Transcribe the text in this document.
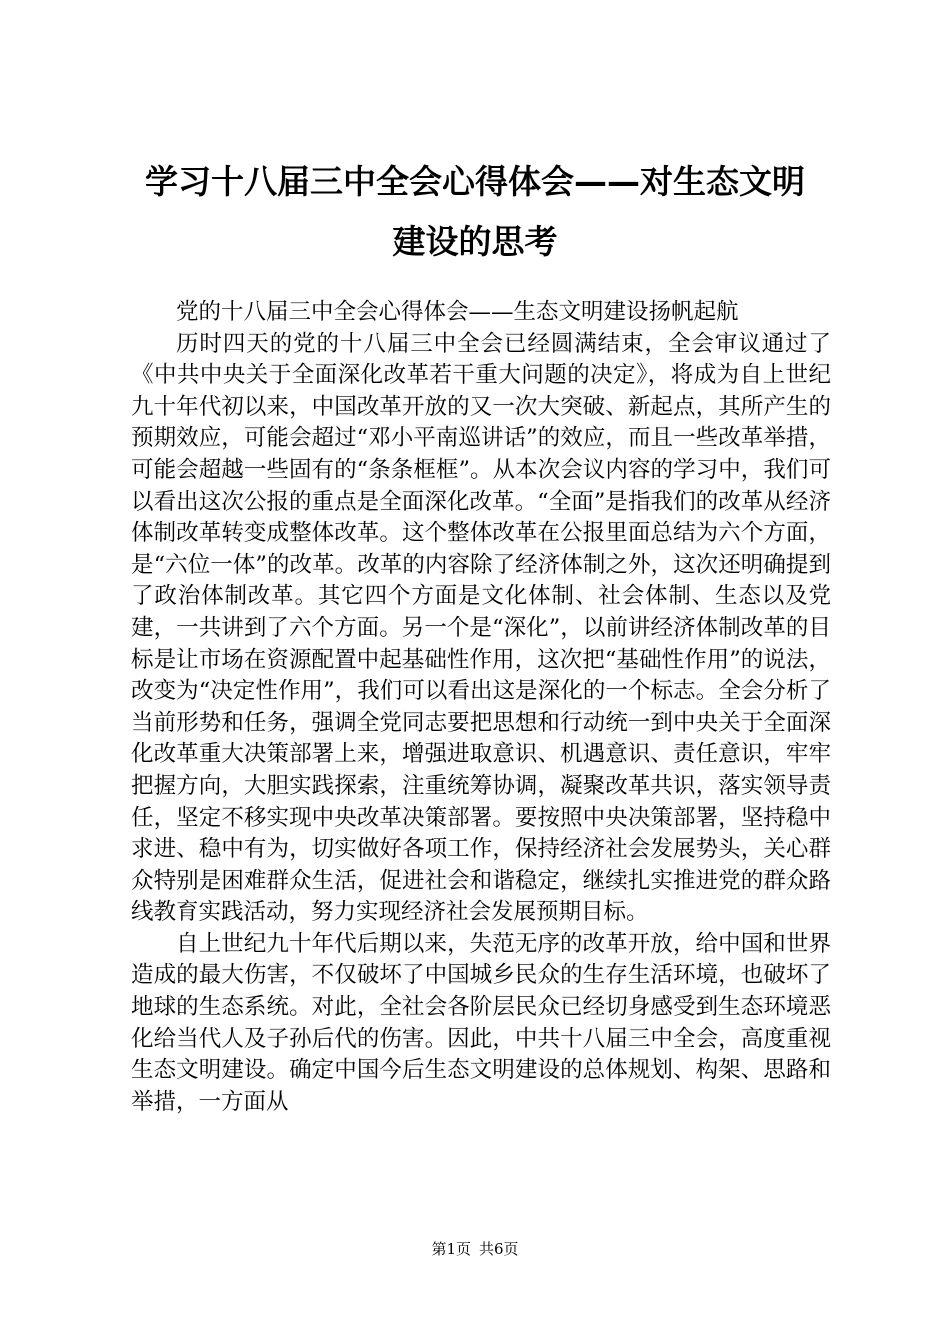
学习十八届三中全会心得体会——对生态文明
建设的思考

党的十八届三中全会心得体会——生态文明建设扬帆起航

历时四天的党的十八届三中全会已经圆满结束，全会审议通过了《中共中央关于全面深化改革若干重大问题的决定》，将成为自上世纪九十年代初以来，中国改革开放的又一次大突破、新起点，其所产生的预期效应，可能会超过“邓小平南巡讲话”的效应，而且一些改革举措，可能会超越一些固有的“条条框框”。从本次会议内容的学习中，我们可以看出这次公报的重点是全面深化改革。“全面”是指我们的改革从经济体制改革转变成整体改革。这个整体改革在公报里面总结为六个方面，是“六位一体”的改革。改革的内容除了经济体制之外，这次还明确提到了政治体制改革。其它四个方面是文化体制、社会体制、生态以及党建，一共讲到了六个方面。另一个是“深化”，以前讲经济体制改革的目标是让市场在资源配置中起基础性作用，这次把“基础性作用”的说法，改变为“决定性作用”，我们可以看出这是深化的一个标志。全会分析了当前形势和任务，强调全党同志要把思想和行动统一到中央关于全面深化改革重大决策部署上来，增强进取意识、机遇意识、责任意识，牢牢把握方向，大胆实践探索，注重统筹协调，凝聚改革共识，落实领导责任，坚定不移实现中央改革决策部署。要按照中央决策部署，坚持稳中求进、稳中有为，切实做好各项工作，保持经济社会发展势头，关心群众特别是困难群众生活，促进社会和谐稳定，继续扎实推进党的群众路线教育实践活动，努力实现经济社会发展预期目标。

自上世纪九十年代后期以来，失范无序的改革开放，给中国和世界造成的最大伤害，不仅破坏了中国城乡民众的生存生活环境，也破坏了地球的生态系统。对此，全社会各阶层民众已经切身感受到生态环境恶化给当代人及子孙后代的伤害。因此，中共十八届三中全会，高度重视生态文明建设。确定中国今后生态文明建设的总体规划、构架、思路和举措，一方面从

第1页 共6页
